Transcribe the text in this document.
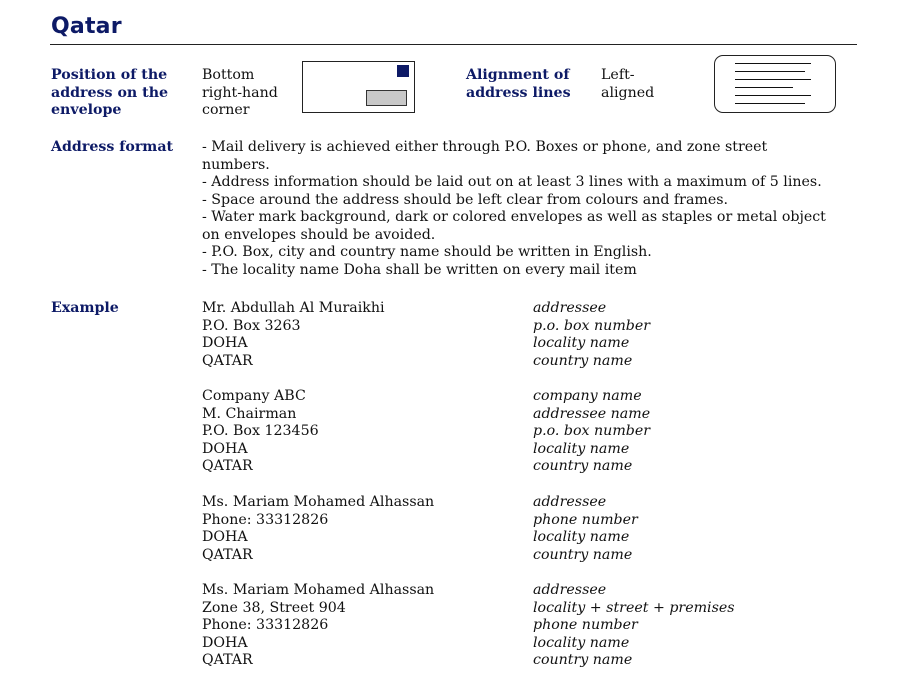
Qatar
Position of the
address on the
envelope
Bottom
right-hand
corner
Alignment of
address lines
Left-
aligned
Address format - Mail delivery is achieved either through P.O. Boxes or phone, and zone street
numbers.
- Address information should be laid out on at least 3 lines with a maximum of 5 lines.
- Space around the address should be left clear from colours and frames.
- Water mark background, dark or colored envelopes as well as staples or metal object
on envelopes should be avoided.
- P.O. Box, city and country name should be written in English.
- The locality name Doha shall be written on every mail item
Example	Mr. Abdullah Al Muraikhi
P.O. Box 3263
DOHA
QATAR
addressee
p.o. box number
locality name
country name
Company ABC
M. Chairman
P.O. Box 123456
DOHA
QATAR
company name
addressee name
p.o. box number
locality name
country name
Ms. Mariam Mohamed Alhassan
Phone: 33312826
DOHA
QATAR
addressee
phone number
locality name
country name
Ms. Mariam Mohamed Alhassan
Zone 38, Street 904
Phone: 33312826
DOHA
QATAR
addressee
locality + street + premises
phone number
locality name
country name
